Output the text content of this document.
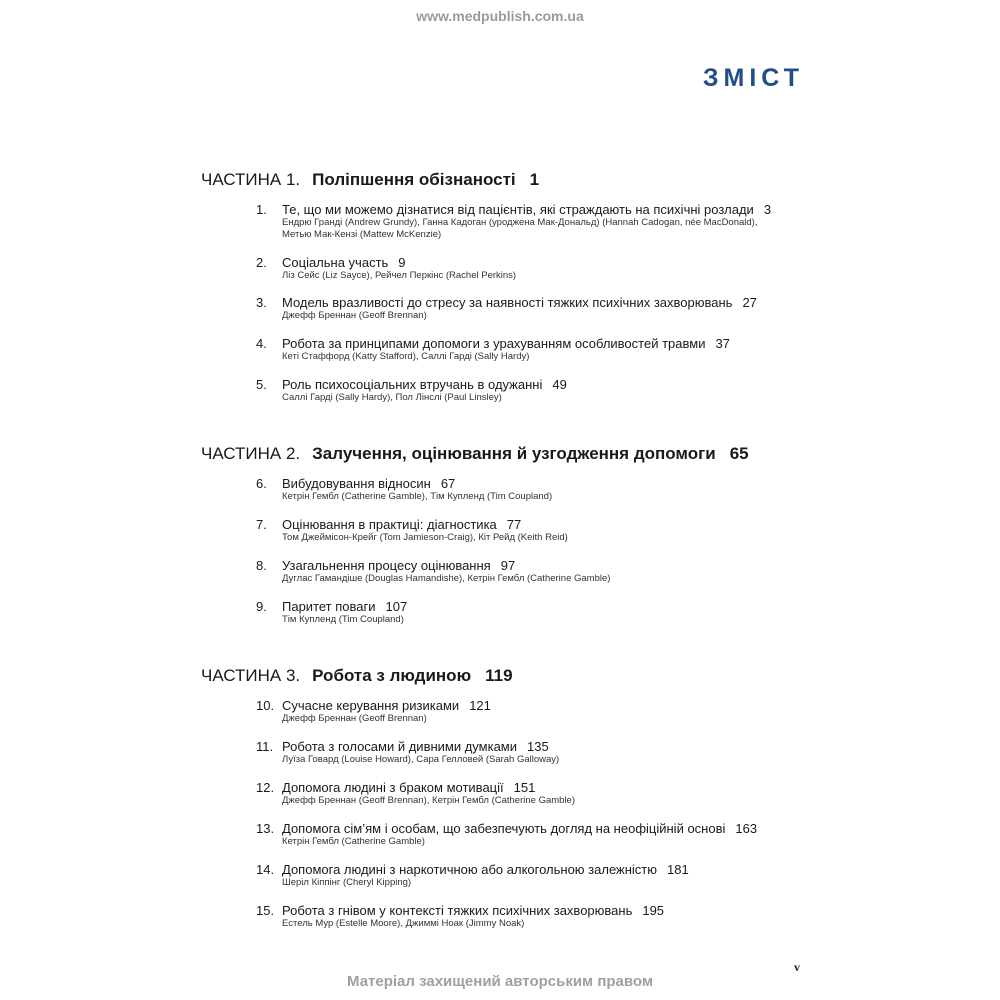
www.medpublish.com.ua
ЗМІСТ
ЧАСТИНА 1. Поліпшення обізнаності 1
1. Те, що ми можемо дізнатися від пацієнтів, які страждають на психічні розлади 3
Ендрю Гранді (Andrew Grundy), Ганна Кадоган (уроджена Мак-Дональд) (Hannah Cadogan, née MacDonald),
Метью Мак-Кензі (Mattew McKenzie)
2. Соціальна участь 9
Ліз Сейс (Liz Sayce), Рейчел Перкінс (Rachel Perkins)
3. Модель вразливості до стресу за наявності тяжких психічних захворювань 27
Джефф Бреннан (Geoff Brennan)
4. Робота за принципами допомоги з урахуванням особливостей травми 37
Кеті Стаффорд (Katty Stafford), Саллі Гарді (Sally Hardy)
5. Роль психосоціальних втручань в одужанні 49
Саллі Гарді (Sally Hardy), Пол Лінслі (Paul Linsley)
ЧАСТИНА 2. Залучення, оцінювання й узгодження допомоги 65
6. Вибудовування відносин 67
Кетрін Гембл (Catherine Gamble), Тім Купленд (Tim Coupland)
7. Оцінювання в практиці: діагностика 77
Том Джеймісон-Крейг (Tom Jamieson-Craig), Кіт Рейд (Keith Reid)
8. Узагальнення процесу оцінювання 97
Дуглас Гамандіше (Douglas Hamandishe), Кетрін Гембл (Catherine Gamble)
9. Паритет поваги 107
Тім Купленд (Tim Coupland)
ЧАСТИНА 3. Робота з людиною 119
10. Сучасне керування ризиками 121
Джефф Бреннан (Geoff Brennan)
11. Робота з голосами й дивними думками 135
Луїза Говард (Louise Howard), Сара Гелловей (Sarah Galloway)
12. Допомога людині з браком мотивації 151
Джефф Бреннан (Geoff Brennan), Кетрін Гембл (Catherine Gamble)
13. Допомога сім’ям і особам, що забезпечують догляд на неофіційній основі 163
Кетрін Гембл (Catherine Gamble)
14. Допомога людині з наркотичною або алкогольною залежністю 181
Шеріл Кіппінг (Cheryl Kipping)
15. Робота з гнівом у контексті тяжких психічних захворювань 195
Естель Мур (Estelle Moore), Джиммі Ноак (Jimmy Noak)
v
Матеріал захищений авторським правом
